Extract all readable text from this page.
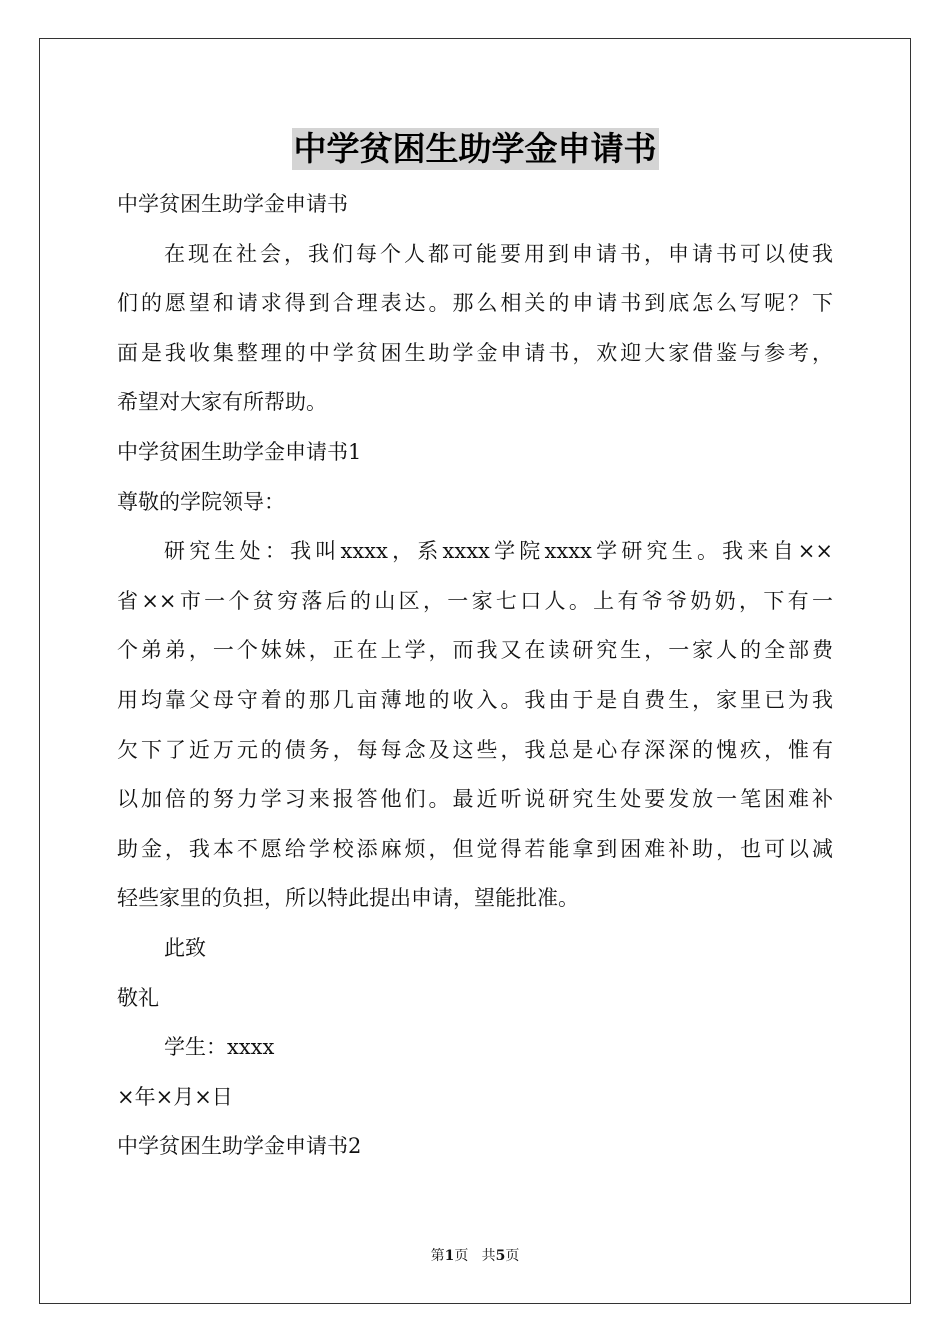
中学贫困生助学金申请书
中学贫困生助学金申请书
在现在社会，我们每个人都可能要用到申请书，申请书可以使我
们的愿望和请求得到合理表达。那么相关的申请书到底怎么写呢？下
面是我收集整理的中学贫困生助学金申请书，欢迎大家借鉴与参考，
希望对大家有所帮助。
中学贫困生助学金申请书1
尊敬的学院领导：
研究生处：我叫xxxx，系xxxx学院xxxx学研究生。我来自××
省××市一个贫穷落后的山区，一家七口人。上有爷爷奶奶，下有一
个弟弟，一个妹妹，正在上学，而我又在读研究生，一家人的全部费
用均靠父母守着的那几亩薄地的收入。我由于是自费生，家里已为我
欠下了近万元的债务，每每念及这些，我总是心存深深的愧疚，惟有
以加倍的努力学习来报答他们。最近听说研究生处要发放一笔困难补
助金，我本不愿给学校添麻烦，但觉得若能拿到困难补助，也可以减
轻些家里的负担，所以特此提出申请，望能批准。
此致
敬礼
学生：xxxx
×年×月×日
中学贫困生助学金申请书2
第1页 共5页
